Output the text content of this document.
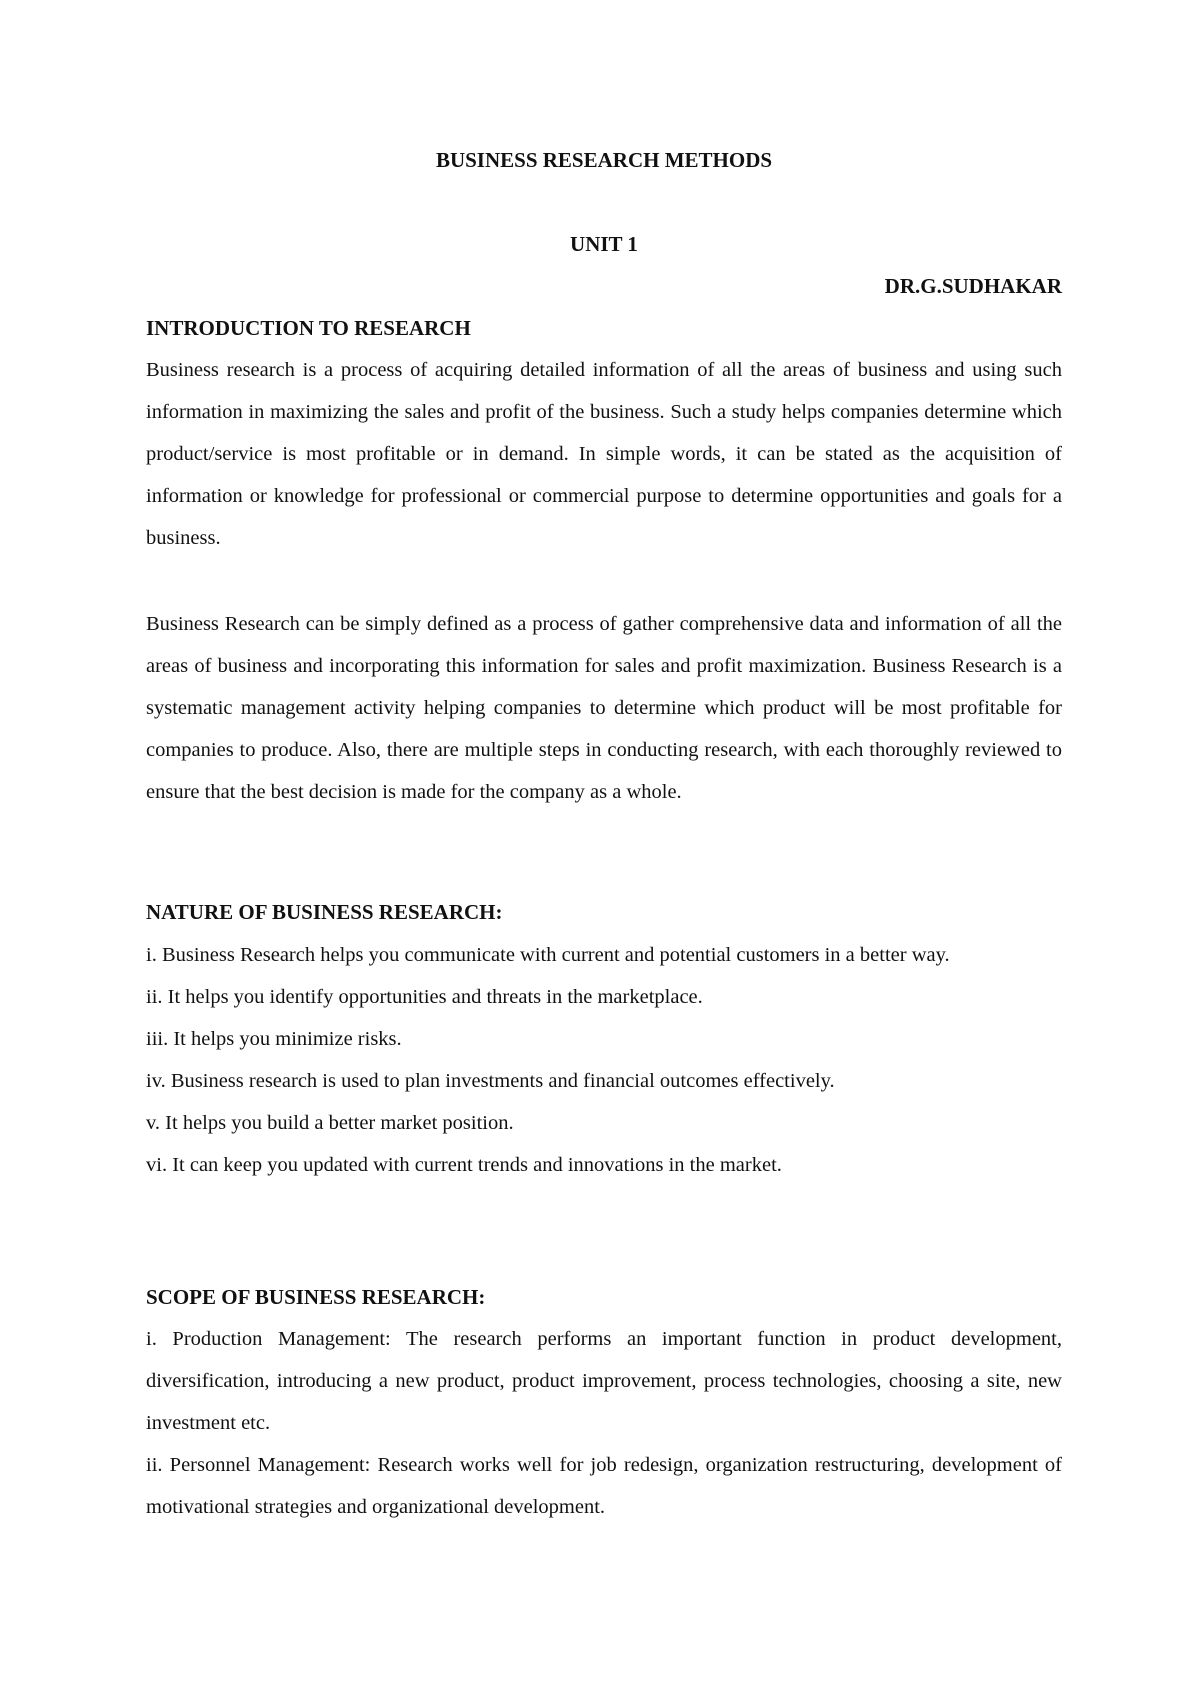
BUSINESS RESEARCH METHODS
UNIT 1
DR.G.SUDHAKAR
INTRODUCTION TO RESEARCH
Business research is a process of acquiring detailed information of all the areas of business and using such information in maximizing the sales and profit of the business. Such a study helps companies determine which product/service is most profitable or in demand. In simple words, it can be stated as the acquisition of information or knowledge for professional or commercial purpose to determine opportunities and goals for a business.
Business Research can be simply defined as a process of gather comprehensive data and information of all the areas of business and incorporating this information for sales and profit maximization. Business Research is a systematic management activity helping companies to determine which product will be most profitable for companies to produce. Also, there are multiple steps in conducting research, with each thoroughly reviewed to ensure that the best decision is made for the company as a whole.
NATURE OF BUSINESS RESEARCH:
i. Business Research helps you communicate with current and potential customers in a better way.
ii. It helps you identify opportunities and threats in the marketplace.
iii. It helps you minimize risks.
iv. Business research is used to plan investments and financial outcomes effectively.
v. It helps you build a better market position.
vi. It can keep you updated with current trends and innovations in the market.
SCOPE OF BUSINESS RESEARCH:
i. Production Management: The research performs an important function in product development, diversification, introducing a new product, product improvement, process technologies, choosing a site, new investment etc.
ii. Personnel Management: Research works well for job redesign, organization restructuring, development of motivational strategies and organizational development.
